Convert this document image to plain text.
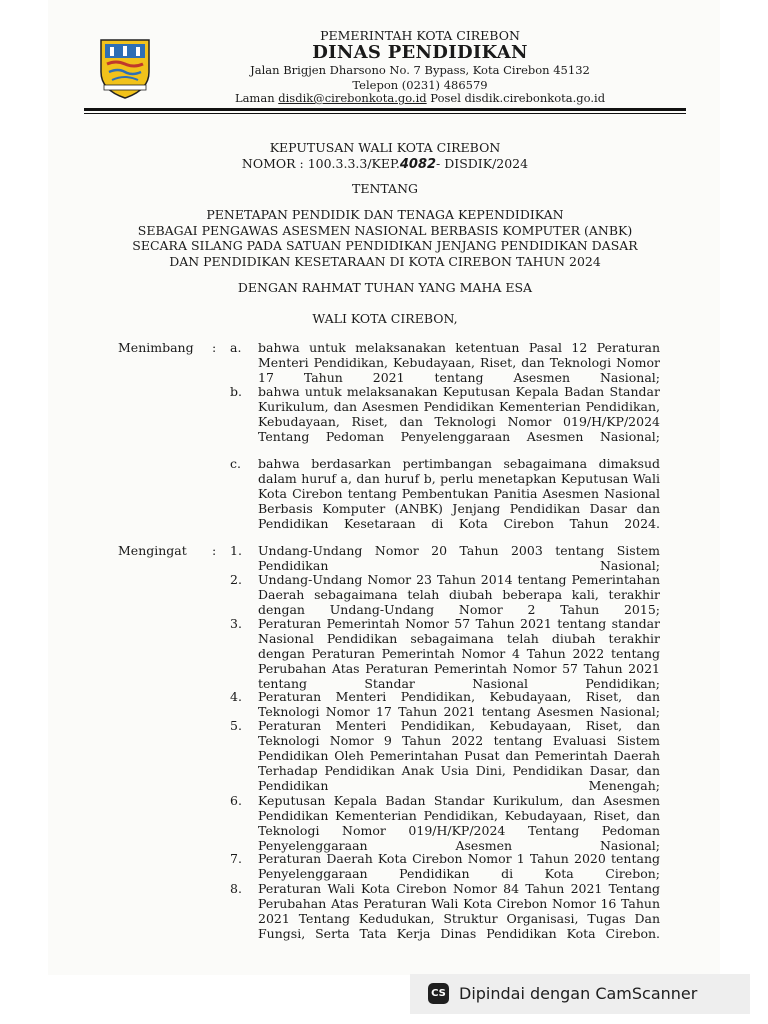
PEMERINTAH KOTA CIREBON
DINAS PENDIDIKAN
Jalan Brigjen Dharsono No. 7 Bypass, Kota Cirebon 45132
Telepon (0231) 486579
Laman disdik@cirebonkota.go.id Posel disdik.cirebonkota.go.id
KEPUTUSAN WALI KOTA CIREBON
NOMOR : 100.3.3.3/KEP.4082- DISDIK/2024
TENTANG
PENETAPAN PENDIDIK DAN TENAGA KEPENDIDIKAN
SEBAGAI PENGAWAS ASESMEN NASIONAL BERBASIS KOMPUTER (ANBK)
SECARA SILANG PADA SATUAN PENDIDIKAN JENJANG PENDIDIKAN DASAR
DAN PENDIDIKAN KESETARAAN DI KOTA CIREBON TAHUN 2024
DENGAN RAHMAT TUHAN YANG MAHA ESA
WALI KOTA CIREBON,
Menimbang : a. bahwa untuk melaksanakan ketentuan Pasal 12 Peraturan Menteri Pendidikan, Kebudayaan, Riset, dan Teknologi Nomor 17 Tahun 2021 tentang Asesmen Nasional;
b. bahwa untuk melaksanakan Keputusan Kepala Badan Standar Kurikulum, dan Asesmen Pendidikan Kementerian Pendidikan, Kebudayaan, Riset, dan Teknologi Nomor 019/H/KP/2024 Tentang Pedoman Penyelenggaraan Asesmen Nasional;
c. bahwa berdasarkan pertimbangan sebagaimana dimaksud dalam huruf a, dan huruf b, perlu menetapkan Keputusan Wali Kota Cirebon tentang Pembentukan Panitia Asesmen Nasional Berbasis Komputer (ANBK) Jenjang Pendidikan Dasar dan Pendidikan Kesetaraan di Kota Cirebon Tahun 2024.
Mengingat : 1. Undang-Undang Nomor 20 Tahun 2003 tentang Sistem Pendidikan Nasional;
2. Undang-Undang Nomor 23 Tahun 2014 tentang Pemerintahan Daerah sebagaimana telah diubah beberapa kali, terakhir dengan Undang-Undang Nomor 2 Tahun 2015;
3. Peraturan Pemerintah Nomor 57 Tahun 2021 tentang standar Nasional Pendidikan sebagaimana telah diubah terakhir dengan Peraturan Pemerintah Nomor 4 Tahun 2022 tentang Perubahan Atas Peraturan Pemerintah Nomor 57 Tahun 2021 tentang Standar Nasional Pendidikan;
4. Peraturan Menteri Pendidikan, Kebudayaan, Riset, dan Teknologi Nomor 17 Tahun 2021 tentang Asesmen Nasional;
5. Peraturan Menteri Pendidikan, Kebudayaan, Riset, dan Teknologi Nomor 9 Tahun 2022 tentang Evaluasi Sistem Pendidikan Oleh Pemerintahan Pusat dan Pemerintah Daerah Terhadap Pendidikan Anak Usia Dini, Pendidikan Dasar, dan Pendidikan Menengah;
6. Keputusan Kepala Badan Standar Kurikulum, dan Asesmen Pendidikan Kementerian Pendidikan, Kebudayaan, Riset, dan Teknologi Nomor 019/H/KP/2024 Tentang Pedoman Penyelenggaraan Asesmen Nasional;
7. Peraturan Daerah Kota Cirebon Nomor 1 Tahun 2020 tentang Penyelenggaraan Pendidikan di Kota Cirebon;
8. Peraturan Wali Kota Cirebon Nomor 84 Tahun 2021 Tentang Perubahan Atas Peraturan Wali Kota Cirebon Nomor 16 Tahun 2021 Tentang Kedudukan, Struktur Organisasi, Tugas Dan Fungsi, Serta Tata Kerja Dinas Pendidikan Kota Cirebon.
CS Dipindai dengan CamScanner
